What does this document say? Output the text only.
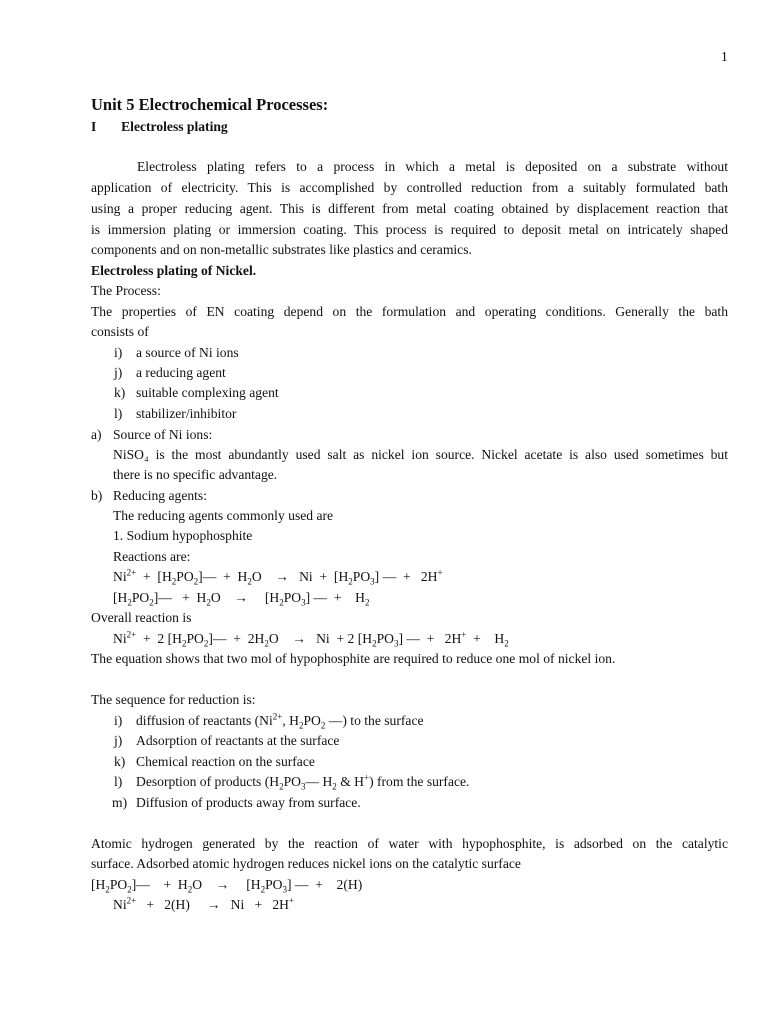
1
Unit 5 Electrochemical Processes:
I Electroless plating
Electroless plating refers to a process in which a metal is deposited on a substrate without
application of electricity. This is accomplished by controlled reduction from a suitably formulated bath
using a proper reducing agent. This is different from metal coating obtained by displacement reaction that
is immersion plating or immersion coating. This process is required to deposit metal on intricately shaped
components and on non-metallic substrates like plastics and ceramics.
Electroless plating of Nickel.
The Process:
The properties of EN coating depend on the formulation and operating conditions. Generally the bath
consists of
i) a source of Ni ions
j) a reducing agent
k) suitable complexing agent
l) stabilizer/inhibitor
a) Source of Ni ions:
NiSO₄ is the most abundantly used salt as nickel ion source. Nickel acetate is also used sometimes but
there is no specific advantage.
b) Reducing agents:
The reducing agents commonly used are
1. Sodium hypophosphite
Reactions are:
$Ni^{2+}$  +  $[H_2PO_2]— + H_2O$    →   $Ni + [H_2PO_3]$ —  +   2H+
$[H_2PO_2]— + H_2O$    →     $[H_2PO_3]$ —  +    $H_2$
Overall reaction is
$Ni^{2+} + 2$ $[H_2PO_2]— + 2H_2O$    →   Ni  + 2 $[H_2PO_3]$ —  +   2H+  +    $H_2$
The equation shows that two mol of hypophosphite are required to reduce one mol of nickel ion.
The sequence for reduction is:
i) diffusion of reactants ($Ni^{2+}$, $H_2PO_2$ —) to the surface
j) Adsorption of reactants at the surface
k) Chemical reaction on the surface
l) Desorption of products ($H_2PO_3—$ $H_2$ & H+) from the surface.
m) Diffusion of products away from surface.
Atomic hydrogen generated by the reaction of water with hypophosphite, is adsorbed on the catalytic
surface. Adsorbed atomic hydrogen reduces nickel ions on the catalytic surface
$[H_2PO_2]—$    +  $H_2O$    →     $[H_2PO_3]$ —  +    2(H)
$Ni^{2+} + 2(H)$     →   Ni   +   2H+
